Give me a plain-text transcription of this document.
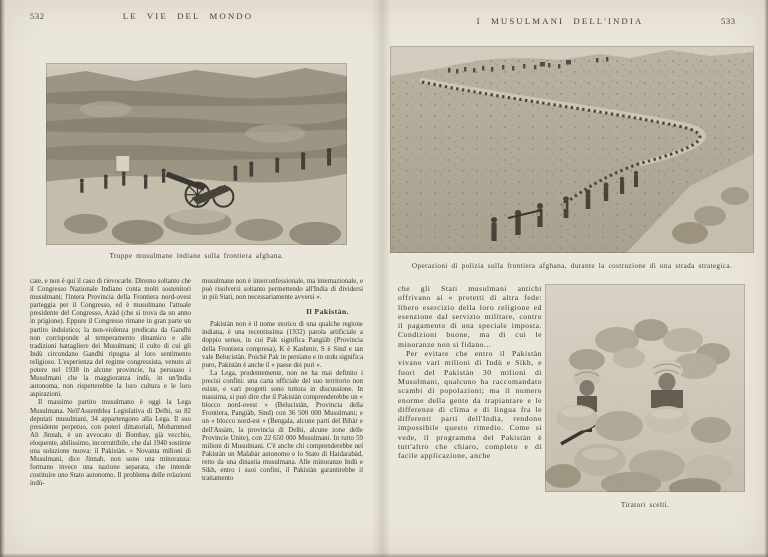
532	LE VIE DEL MONDO
Truppe musulmane indiane sulla frontiera afghana.

cate, e non è qui il caso di rievocarle. Diremo soltanto che il Congresso Nazionale Indiano conta molti sostenitori musulmani; l'intera Provincia della Frontiera nord-ovest parteggia per il Congresso, ed è musulmano l'attuale presidente del Congresso, Azàd (che si trova da un anno in prigione). Eppure il Congresso rimane in gran parte un partito induistico; la non-violenza predicata da Gandhi non corrisponde al temperamento dinamico e alle tradizioni battagliere dei Musulmani; il culto di cui gli Indù circondano Gandhi ripugna al loro sentimento religioso. L'esperienza del regime congressista, venuto al potere nel 1938 in alcune provincie, ha persuaso i Musulmani che la maggioranza indù, in un'India autonoma, non rispetterebbe la loro cultura e le loro aspirazioni.

Il massimo partito musulmano è oggi la Lega Musulmana. Nell'Assemblea Legislativa di Delhi, su 82 deputati musulmani, 34 appartengono alla Lega. Il suo presidente perpetuo, con poteri dittatoriali, Mohammed Ali Jinnah, è un avvocato di Bombay, già vecchio, eloquente, abilissimo, incorruttibile, che dal 1940 sostiene una soluzione nuova: il Pakistàn. « Novanta milioni di Musulmani, dice Jinnah, non sono una minoranza: formano invece una nazione separata, che intende costituire uno Stato autonomo. Il problema delle relazioni indù-

musulmane non è interconfessionale, ma internazionale, e può risolversi soltanto permettendo all'India di dividersi in più Stati, non necessariamente avversi ».

Il Pakistàn.

Pakistàn non è il nome storico di una qualche regione indiana, è una recentissima (1932) parola artificiale a doppio senso, in cui Pak significa Pangiàb (Provincia della Frontiera compresa), K è Kashmir, S è Sind e tan vale Belucistàn. Poichè Pak in persiano e in urdu significa puro, Pakistàn è anche il « paese dei puri ».

La Lega, prudentemente, non ne ha mai definito i precisi confini: una carta ufficiale del suo territorio non esiste, e vari progetti sono tuttora in discussione. In massima, si può dire che il Pakistàn comprenderebbe un « blocco nord-ovest » (Belucistàn, Provincia della Frontiera, Pangiàb, Sind) con 36 500 000 Musulmani; e un « blocco nord-est » (Bengala, alcune parti del Bihàr e dell'Assàm, la provincia di Delhi, alcune zone delle Provincie Unite), con 22 650 000 Musulmani. In tutto 59 milioni di Musulmani. C'è anche chi comprenderebbe nel Pakistàn un Malabàr autonomo e lo Stato di Haidarabàd, retto da una dinastia musulmana. Alle minoranze Indù e Sikh, entro i suoi confini, il Pakistàn garantirebbe il trattamento

I MUSULMANI DELL'INDIA	533
Operazioni di polizia sulla frontiera afghana, durante la costruzione di una strada strategica.

che gli Stati musulmani antichi offrivano ai « protetti di altra fede: libero esercizio della loro religione ed esenzione dal servizio militare, contro il pagamento di una speciale imposta. Condizioni buone, ma di cui le minoranze non si fidano...

Per evitare che entro il Pakistàn vivano vari milioni di Indù e Sikh, e fuori del Pakistàn 30 milioni di Musulmani, qualcuno ha raccomandato scambi di popolazioni; ma il numero enorme della gente da trapiantare e le differenze di clima e di lingua fra le differenti parti dell'India, rendono impossibile questo rimedio. Come si vede, il programma del Pakistàn è tutt'altro che chiaro, completo e di facile applicazione, anche

Tiratori scelti.
